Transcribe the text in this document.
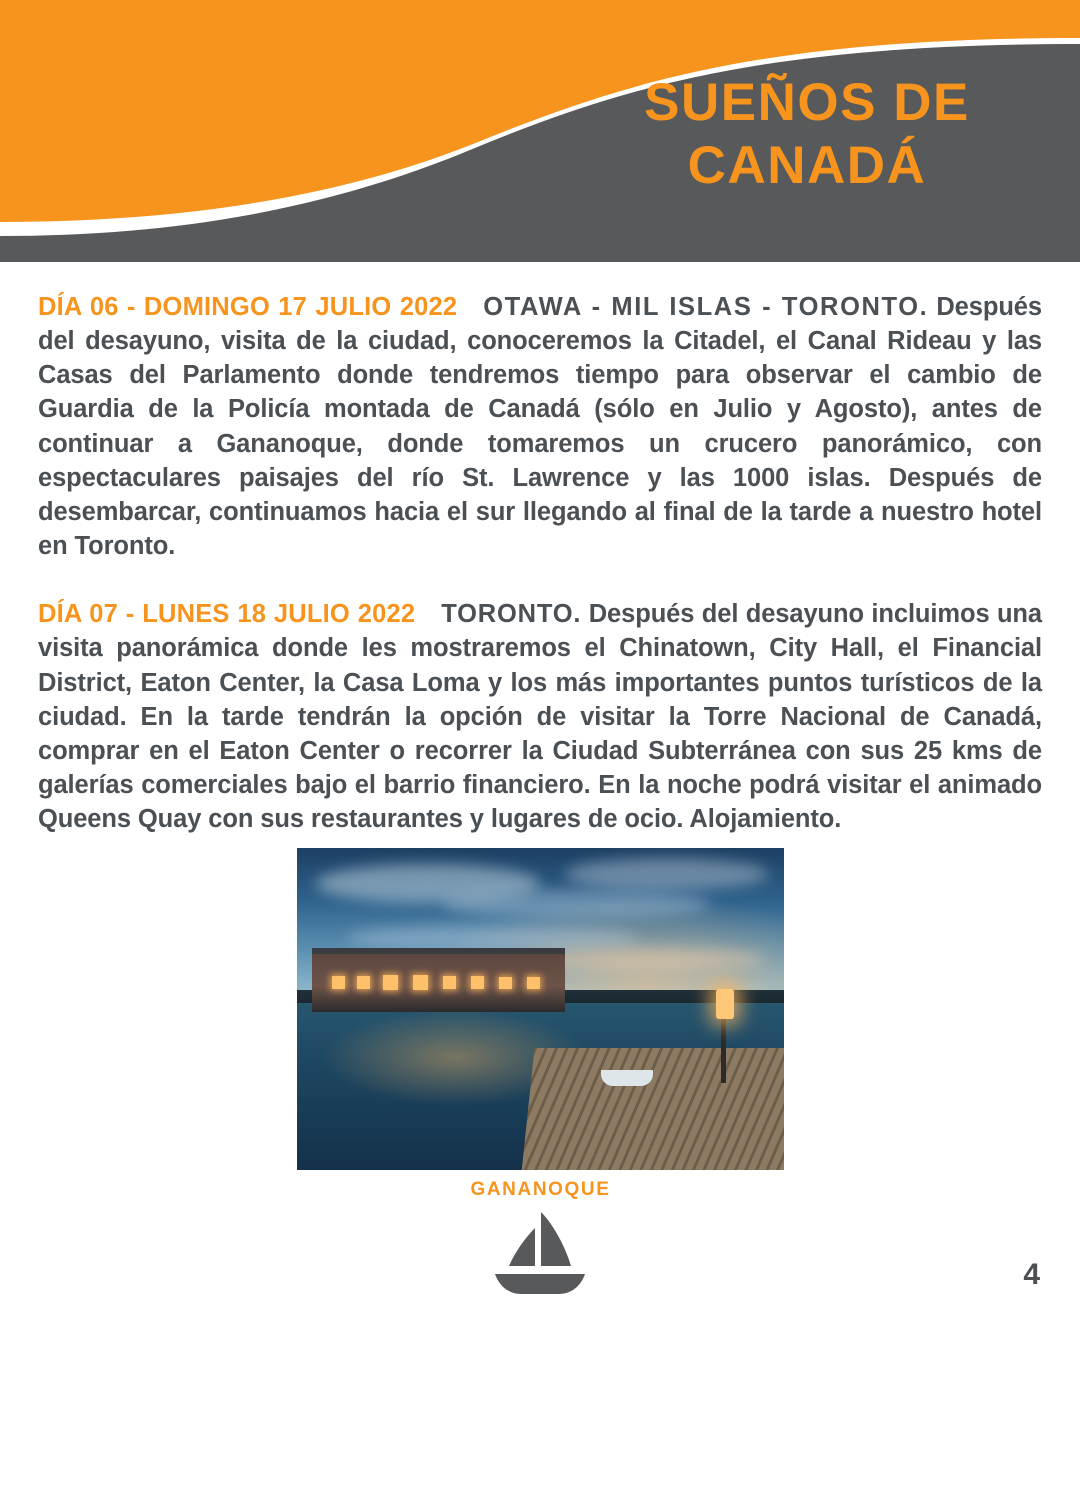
SUEÑOS DE
CANADÁ

DÍA 06 - DOMINGO 17 JULIO 2022 OTAWA - MIL ISLAS - TORONTO. Después del desayuno, visita de la ciudad, conoceremos la Citadel, el Canal Rideau y las Casas del Parlamento donde tendremos tiempo para observar el cambio de Guardia de la Policía montada de Canadá (sólo en Julio y Agosto), antes de continuar a Gananoque, donde tomaremos un crucero panorámico, con espectaculares paisajes del río St. Lawrence y las 1000 islas. Después de desembarcar, continuamos hacia el sur llegando al final de la tarde a nuestro hotel en Toronto.

DÍA 07 - LUNES 18 JULIO 2022 TORONTO. Después del desayuno incluimos una visita panorámica donde les mostraremos el Chinatown, City Hall, el Financial District, Eaton Center, la Casa Loma y los más importantes puntos turísticos de la ciudad. En la tarde tendrán la opción de visitar la Torre Nacional de Canadá, comprar en el Eaton Center o recorrer la Ciudad Subterránea con sus 25 kms de galerías comerciales bajo el barrio financiero. En la noche podrá visitar el animado Queens Quay con sus restaurantes y lugares de ocio. Alojamiento.

GANANOQUE
4
